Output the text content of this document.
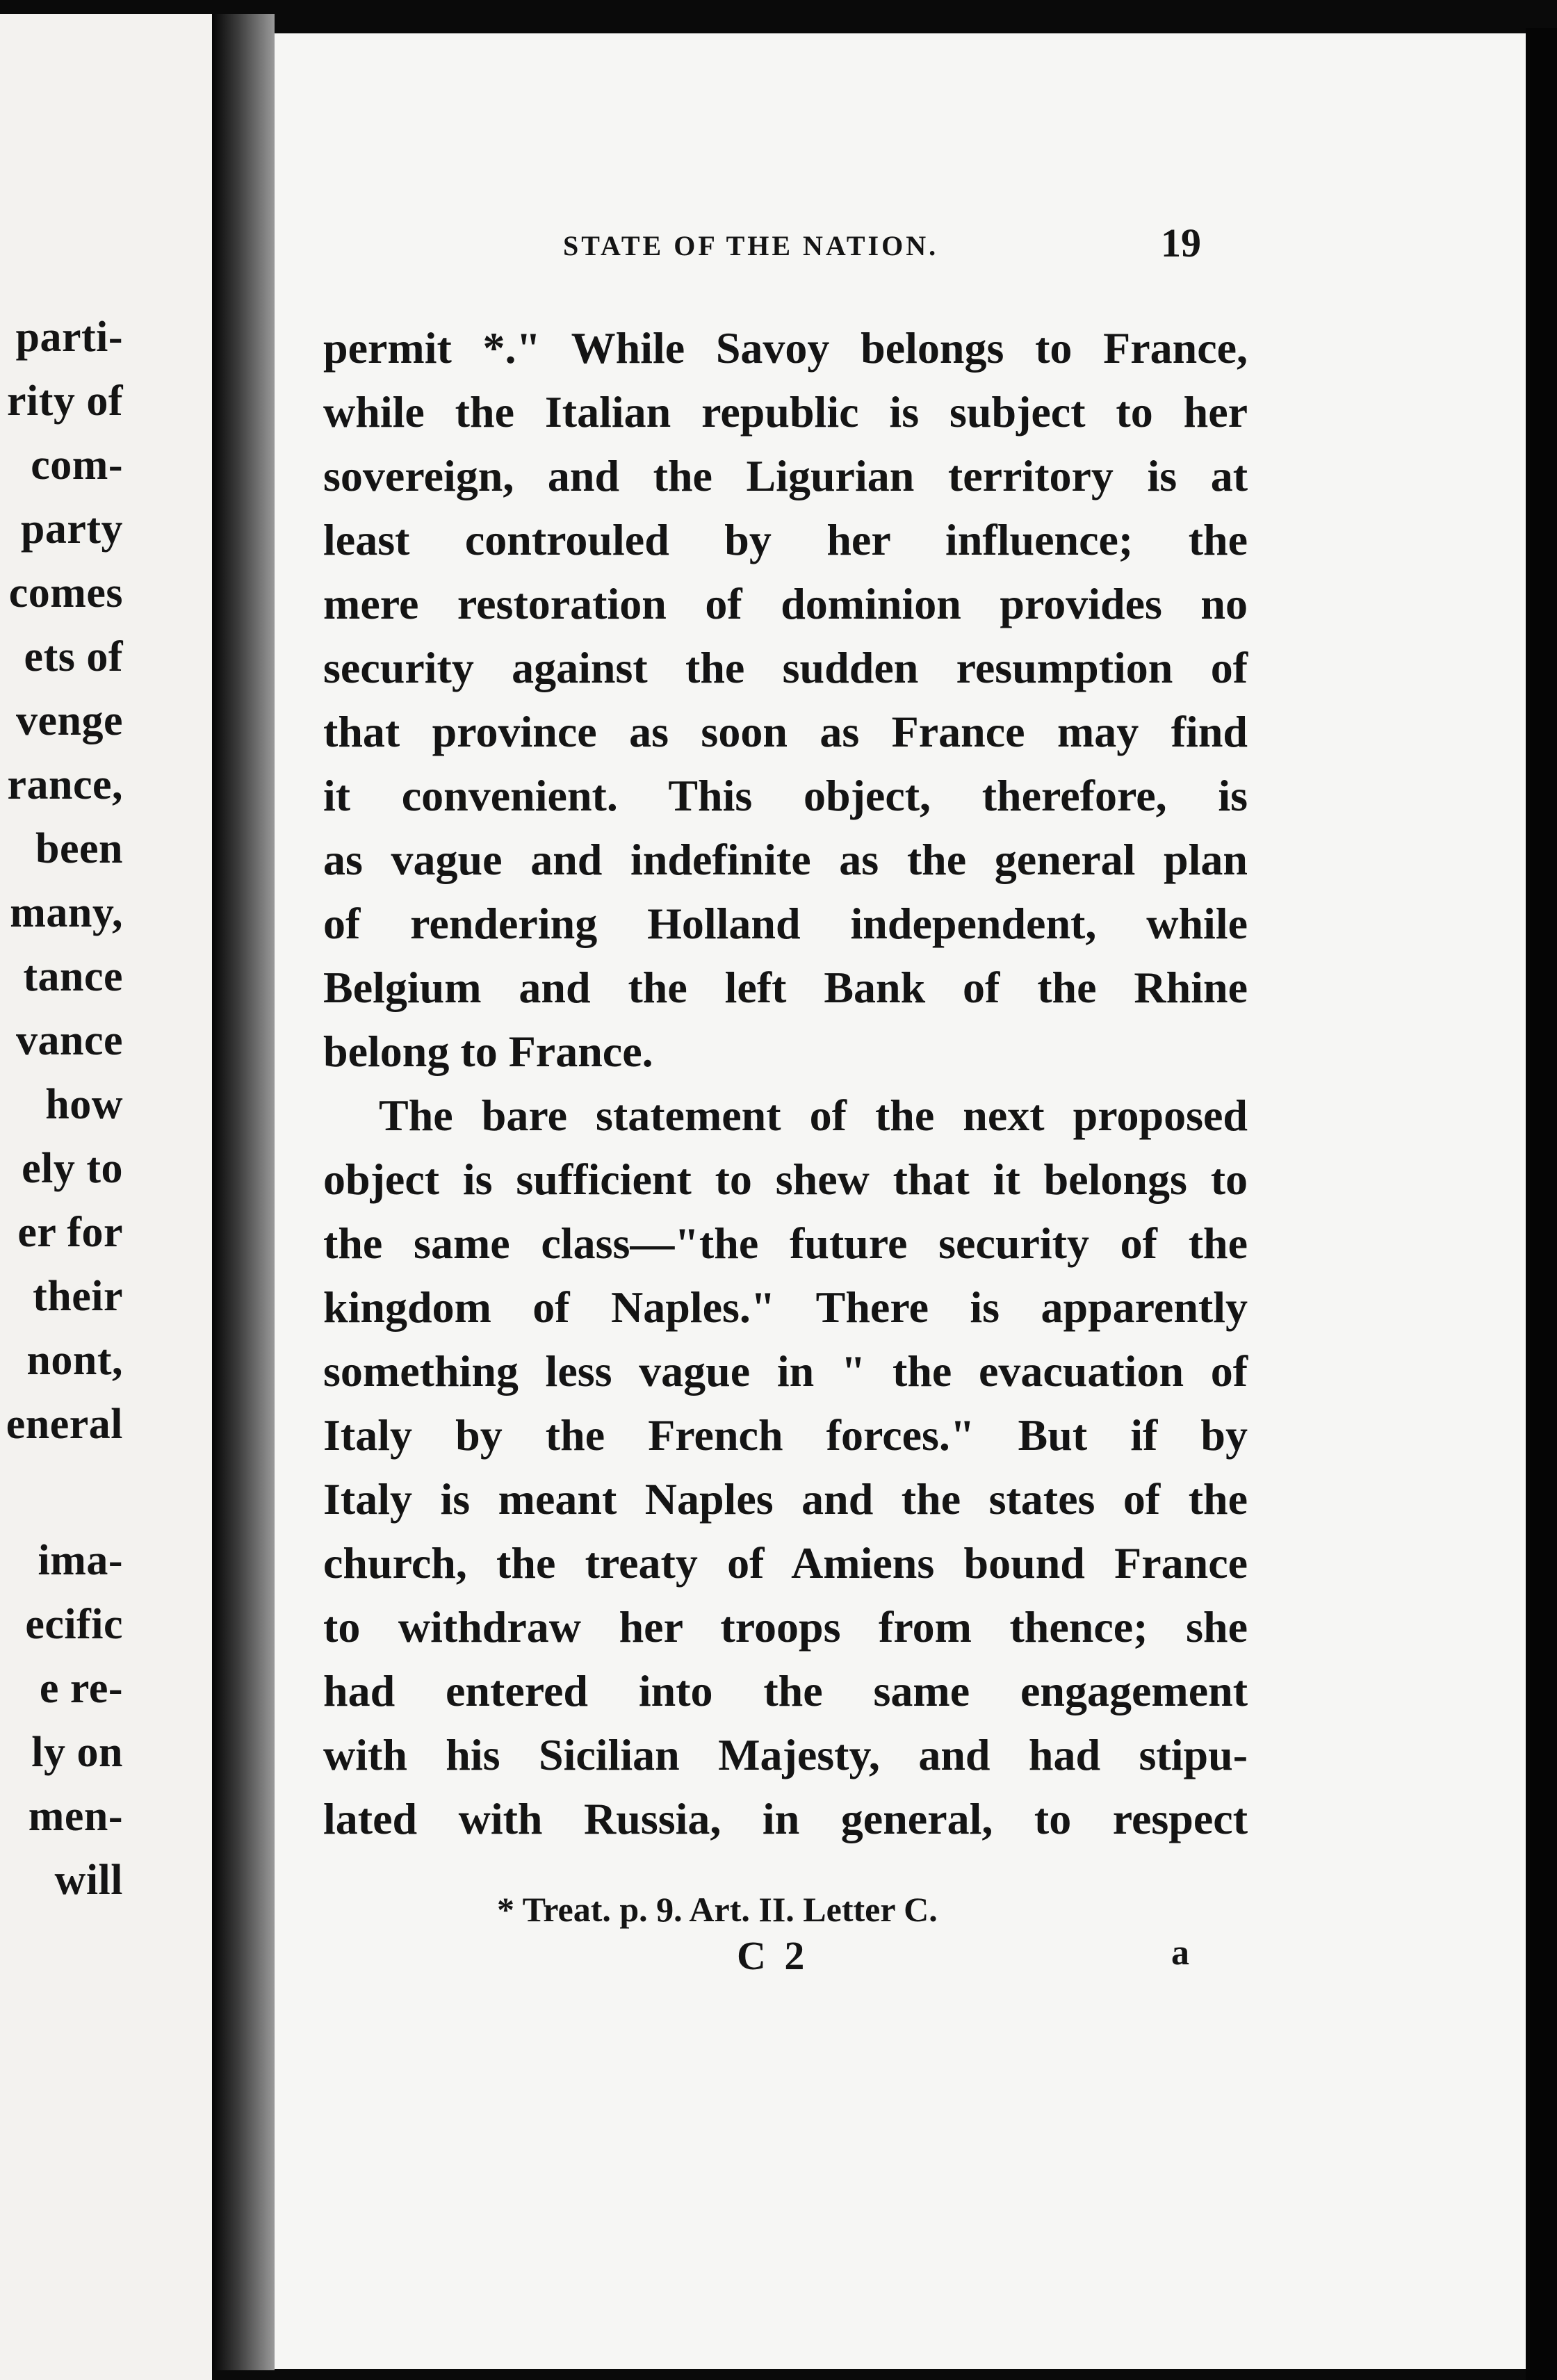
parti-
rity of
com-
party
comes
ets of
venge
rance,
been
many,
tance
vance
how
ely to
er for
their
nont,
eneral
ima-
ecific
e re-
ly on
men-
will
STATE OF THE NATION.	19
permit *." While Savoy belongs to France,
while the Italian republic is subject to her
sovereign, and the Ligurian territory is at
least controuled by her influence; the
mere restoration of dominion provides no
security against the sudden resumption of
that province as soon as France may find
it convenient. This object, therefore, is
as vague and indefinite as the general plan
of rendering Holland independent, while
Belgium and the left Bank of the Rhine
belong to France.
The bare statement of the next proposed
object is sufficient to shew that it belongs to
the same class—"the future security of the
kingdom of Naples." There is apparently
something less vague in " the evacuation of
Italy by the French forces." But if by
Italy is meant Naples and the states of the
church, the treaty of Amiens bound France
to withdraw her troops from thence; she
had entered into the same engagement
with his Sicilian Majesty, and had stipu-
lated with Russia, in general, to respect
* Treat. p. 9. Art. II. Letter C.
C 2	a
